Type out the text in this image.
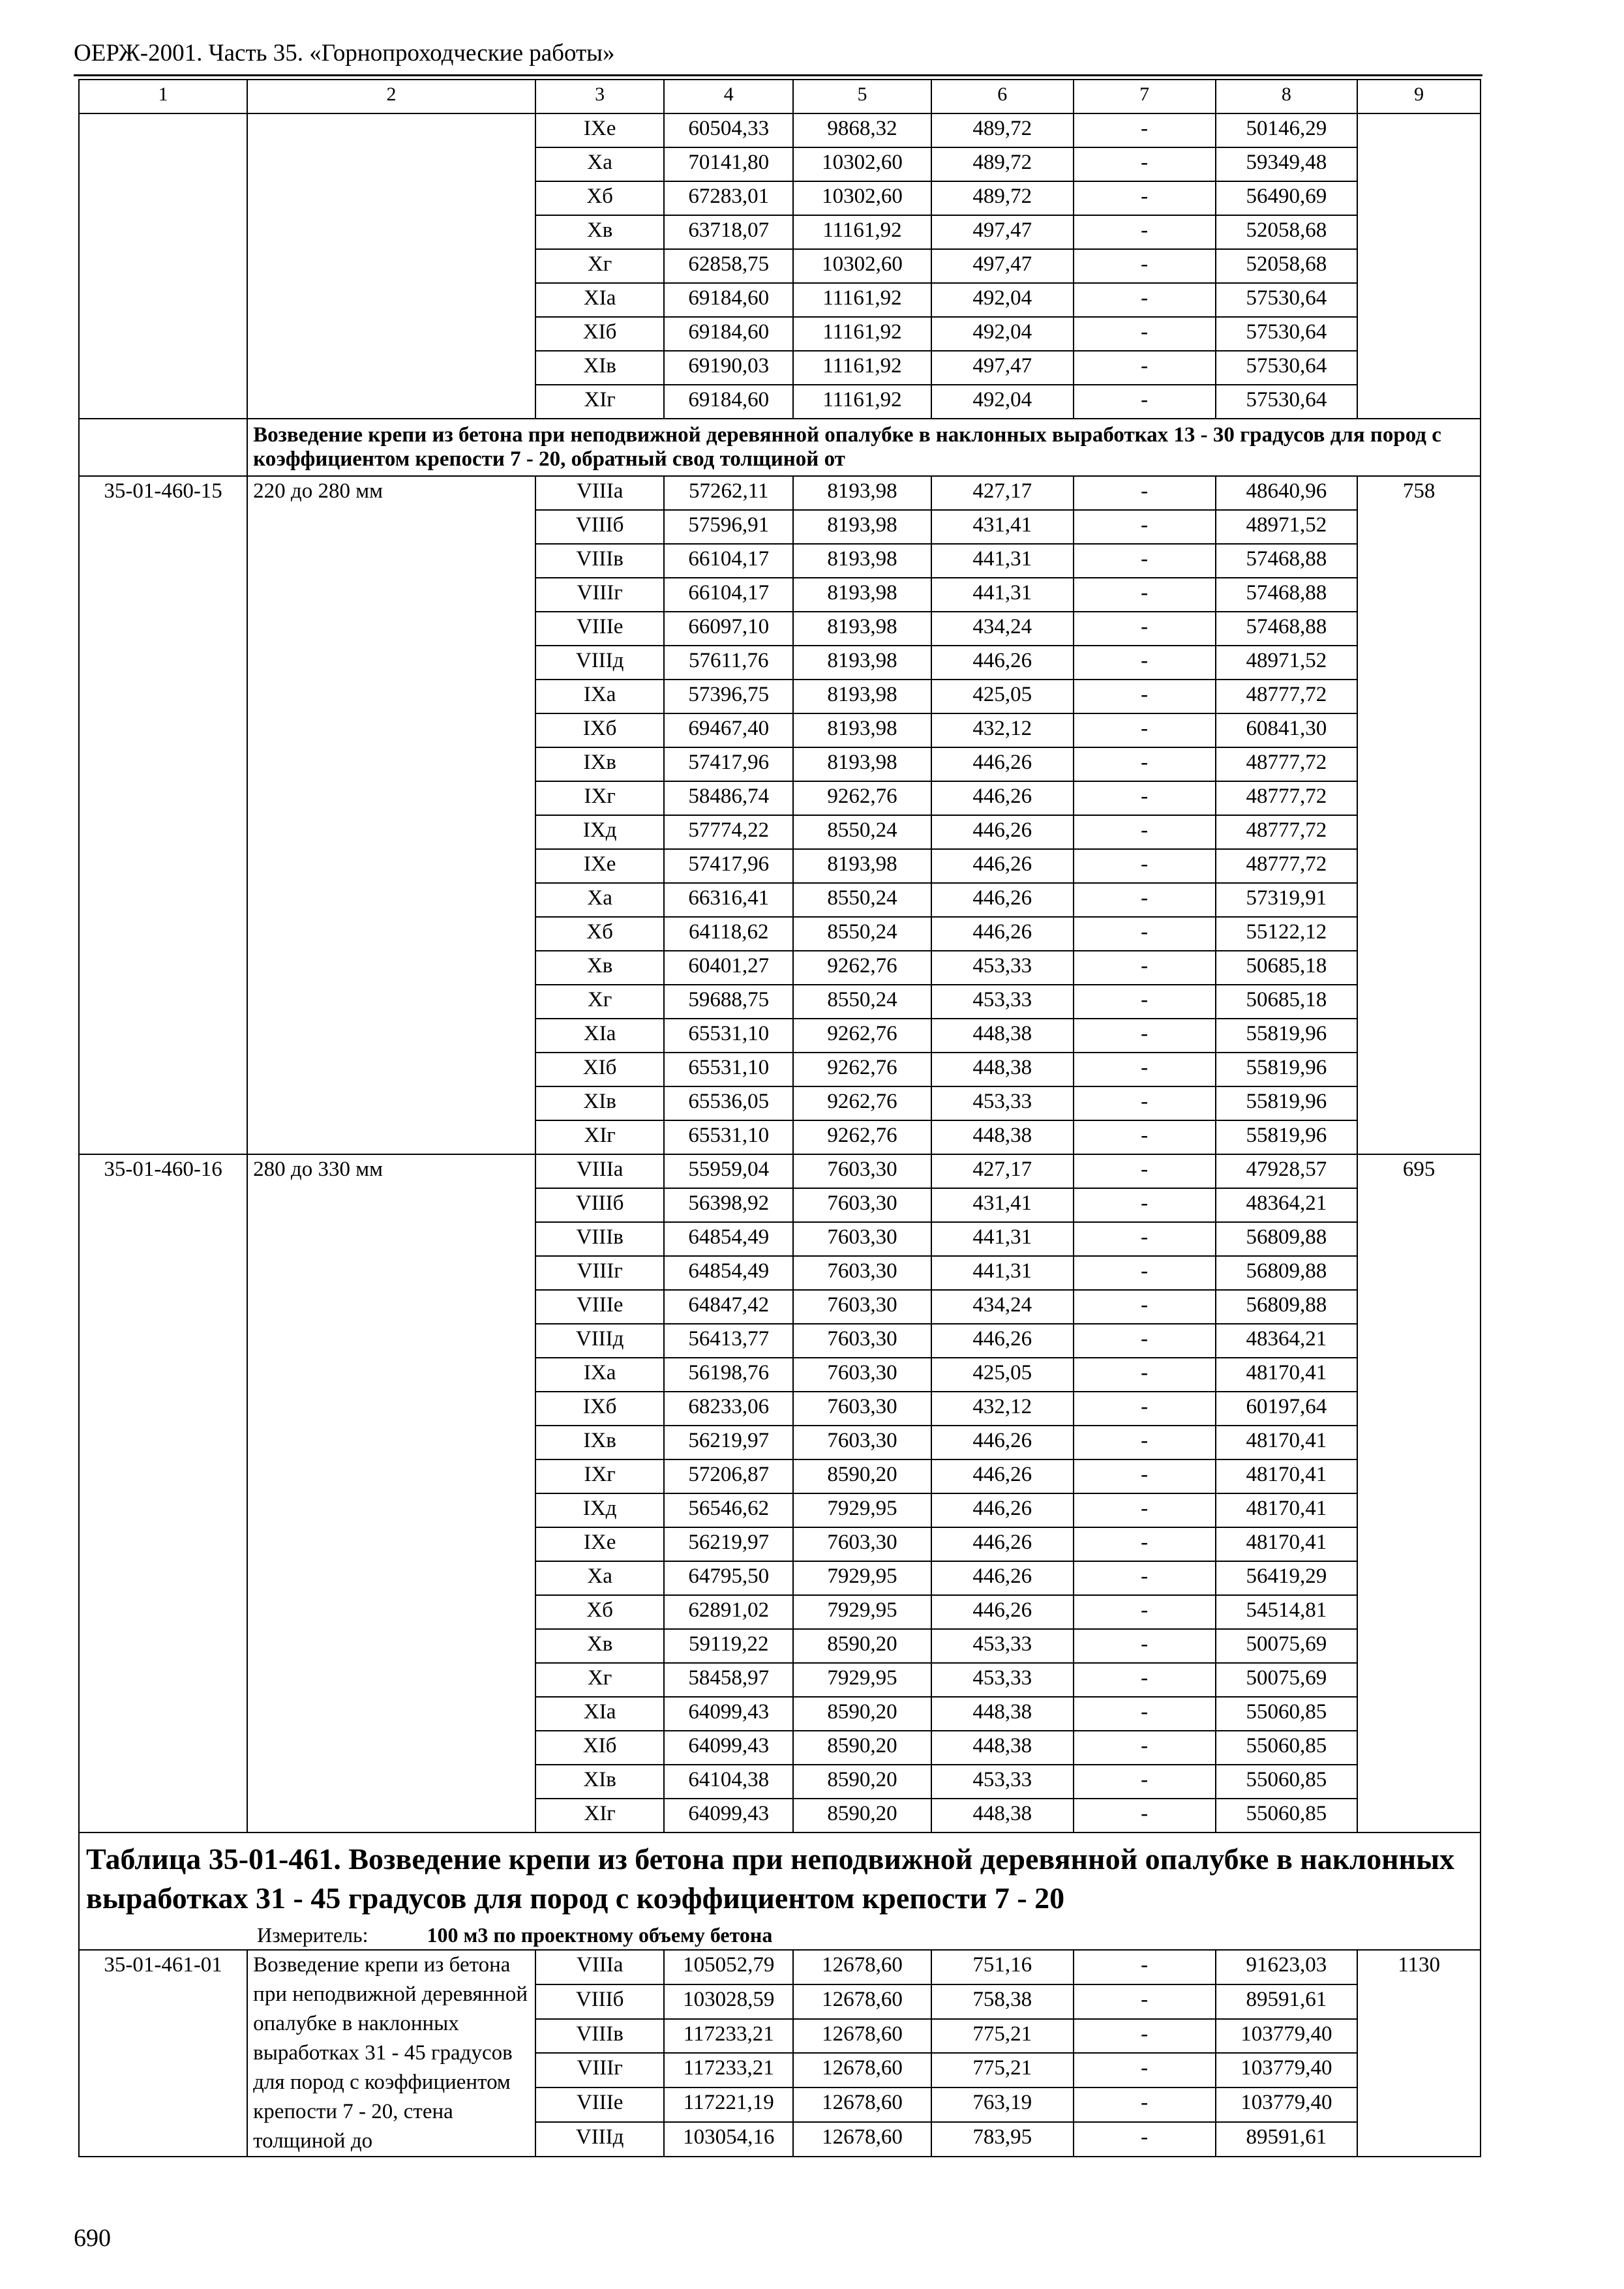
ОЕРЖ-2001. Часть 35. «Горнопроходческие работы»
1	2	3	4	5	6	7	8	9
		IXe	60504,33	9868,32	489,72	-	50146,29	
		Xa	70141,80	10302,60	489,72	-	59349,48	
		Xб	67283,01	10302,60	489,72	-	56490,69	
		Xв	63718,07	11161,92	497,47	-	52058,68	
		Xг	62858,75	10302,60	497,47	-	52058,68	
		XIa	69184,60	11161,92	492,04	-	57530,64	
		XIб	69184,60	11161,92	492,04	-	57530,64	
		XIв	69190,03	11161,92	497,47	-	57530,64	
		XIг	69184,60	11161,92	492,04	-	57530,64	
	Возведение крепи из бетона при неподвижной деревянной опалубке в наклонных выработках 13 - 30 градусов для пород с коэффициентом крепости 7 - 20, обратный свод толщиной от							
35-01-460-15	220 до 280 мм	VIIIa	57262,11	8193,98	427,17	-	48640,96	758
		VIIIб	57596,91	8193,98	431,41	-	48971,52	
		VIIIв	66104,17	8193,98	441,31	-	57468,88	
		VIIIг	66104,17	8193,98	441,31	-	57468,88	
		VIIIe	66097,10	8193,98	434,24	-	57468,88	
		VIIIд	57611,76	8193,98	446,26	-	48971,52	
		IXa	57396,75	8193,98	425,05	-	48777,72	
		IXб	69467,40	8193,98	432,12	-	60841,30	
		IXв	57417,96	8193,98	446,26	-	48777,72	
		IXг	58486,74	9262,76	446,26	-	48777,72	
		IXд	57774,22	8550,24	446,26	-	48777,72	
		IXe	57417,96	8193,98	446,26	-	48777,72	
		Xa	66316,41	8550,24	446,26	-	57319,91	
		Xб	64118,62	8550,24	446,26	-	55122,12	
		Xв	60401,27	9262,76	453,33	-	50685,18	
		Xг	59688,75	8550,24	453,33	-	50685,18	
		XIa	65531,10	9262,76	448,38	-	55819,96	
		XIб	65531,10	9262,76	448,38	-	55819,96	
		XIв	65536,05	9262,76	453,33	-	55819,96	
		XIг	65531,10	9262,76	448,38	-	55819,96	
35-01-460-16	280 до 330 мм	VIIIa	55959,04	7603,30	427,17	-	47928,57	695
		VIIIб	56398,92	7603,30	431,41	-	48364,21	
		VIIIв	64854,49	7603,30	441,31	-	56809,88	
		VIIIг	64854,49	7603,30	441,31	-	56809,88	
		VIIIe	64847,42	7603,30	434,24	-	56809,88	
		VIIIд	56413,77	7603,30	446,26	-	48364,21	
		IXa	56198,76	7603,30	425,05	-	48170,41	
		IXб	68233,06	7603,30	432,12	-	60197,64	
		IXв	56219,97	7603,30	446,26	-	48170,41	
		IXг	57206,87	8590,20	446,26	-	48170,41	
		IXд	56546,62	7929,95	446,26	-	48170,41	
		IXe	56219,97	7603,30	446,26	-	48170,41	
		Xa	64795,50	7929,95	446,26	-	56419,29	
		Xб	62891,02	7929,95	446,26	-	54514,81	
		Xв	59119,22	8590,20	453,33	-	50075,69	
		Xг	58458,97	7929,95	453,33	-	50075,69	
		XIa	64099,43	8590,20	448,38	-	55060,85	
		XIб	64099,43	8590,20	448,38	-	55060,85	
		XIв	64104,38	8590,20	453,33	-	55060,85	
		XIг	64099,43	8590,20	448,38	-	55060,85	
Таблица 35-01-461. Возведение крепи из бетона при неподвижной деревянной опалубке в наклонных выработках 31 - 45 градусов для пород с коэффициентом крепости 7 - 20								
Измеритель: 100 м3 по проектному объему бетона								
35-01-461-01	Возведение крепи из бетона при неподвижной деревянной опалубке в наклонных выработках 31 - 45 градусов для пород с коэффициентом крепости 7 - 20, стена толщиной до	VIIIa	105052,79	12678,60	751,16	-	91623,03	1130
		VIIIб	103028,59	12678,60	758,38	-	89591,61	
		VIIIв	117233,21	12678,60	775,21	-	103779,40	
		VIIIг	117233,21	12678,60	775,21	-	103779,40	
		VIIIe	117221,19	12678,60	763,19	-	103779,40	
		VIIIд	103054,16	12678,60	783,95	-	89591,61	
690
